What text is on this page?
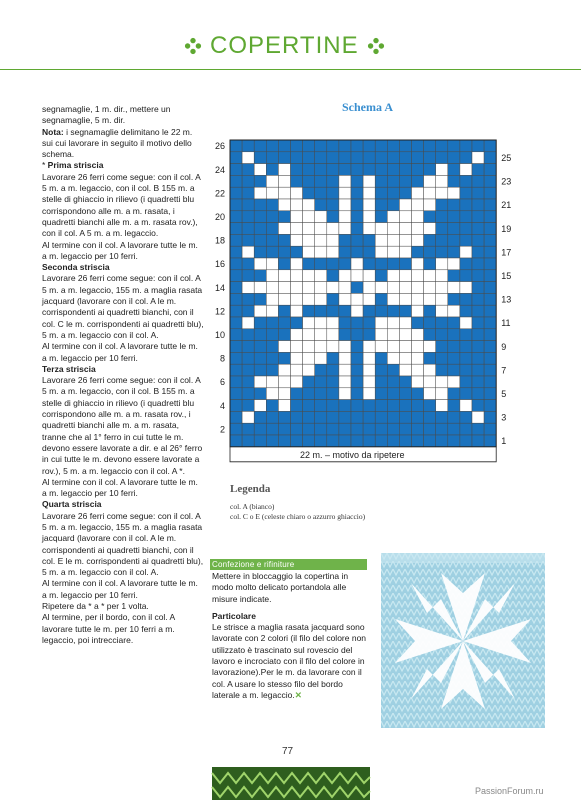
COPERTINE

segnamaglie, 1 m. dir., mettere un segnamaglie, 5 m. dir.

Nota: i segnamaglie delimitano le 22 m. sui cui lavorare in seguito il motivo dello schema.

* Prima striscia

Lavorare 26 ferri come segue: con il col. A 5 m. a m. legaccio, con il col. B 155 m. a stelle di ghiaccio in rilievo (i quadretti blu corrispondono alle m. a m. rasata, i quadretti bianchi alle m. a m. rasata rov.), con il col. A 5 m. a m. legaccio.

Al termine con il col. A lavorare tutte le m. a m. legaccio per 10 ferri.

Seconda striscia

Lavorare 26 ferri come segue: con il col. A 5 m. a m. legaccio, 155 m. a maglia rasata jacquard (lavorare con il col. A le m. corrispondenti ai quadretti bianchi, con il col. C le m. corrispondenti ai quadretti blu), 5 m. a m. legaccio con il col. A.

Al termine con il col. A lavorare tutte le m. a m. legaccio per 10 ferri.

Terza striscia

Lavorare 26 ferri come segue: con il col. A 5 m. a m. legaccio, con il col. B 155 m. a stelle di ghiaccio in rilievo (i quadretti blu corrispondono alle m. a m. rasata rov., i quadretti bianchi alle m. a m. rasata, tranne che al 1° ferro in cui tutte le m. devono essere lavorate a dir. e al 26° ferro in cui tutte le m. devono essere lavorate a rov.), 5 m. a m. legaccio con il col. A *.

Al termine con il col. A lavorare tutte le m. a m. legaccio per 10 ferri.

Quarta striscia

Lavorare 26 ferri come segue: con il col. A 5 m. a m. legaccio, 155 m. a maglia rasata jacquard (lavorare con il col. A le m. corrispondenti ai quadretti bianchi, con il col. E le m. corrispondenti ai quadretti blu), 5 m. a m. legaccio con il col. A.

Al termine con il col. A lavorare tutte le m. a m. legaccio per 10 ferri.

Ripetere da * a * per 1 volta.

Al termine, per il bordo, con il col. A lavorare tutte le m. per 10 ferri a m. legaccio, poi intrecciare.

Schema A
26
24
22
20
18
16
14
12
10
8
6
4
2
25
23
21
19
17
15
13
11
9
7
5
3
1
22 m. – motivo da ripetere
Legenda
col. A (bianco)
col. C o E (celeste chiaro o azzurro ghiaccio)
Confezione e rifiniture

Mettere in bloccaggio la copertina in modo molto delicato portandola alle misure indicate.

Particolare

Le strisce a maglia rasata jacquard sono lavorate con 2 colori (il filo del colore non utilizzato è trascinato sul rovescio del lavoro e incrociato con il filo del colore in lavorazione).Per le m. da lavorare con il col. A usare lo stesso filo del bordo laterale a m. legaccio.✕

77
PassionForum.ru
